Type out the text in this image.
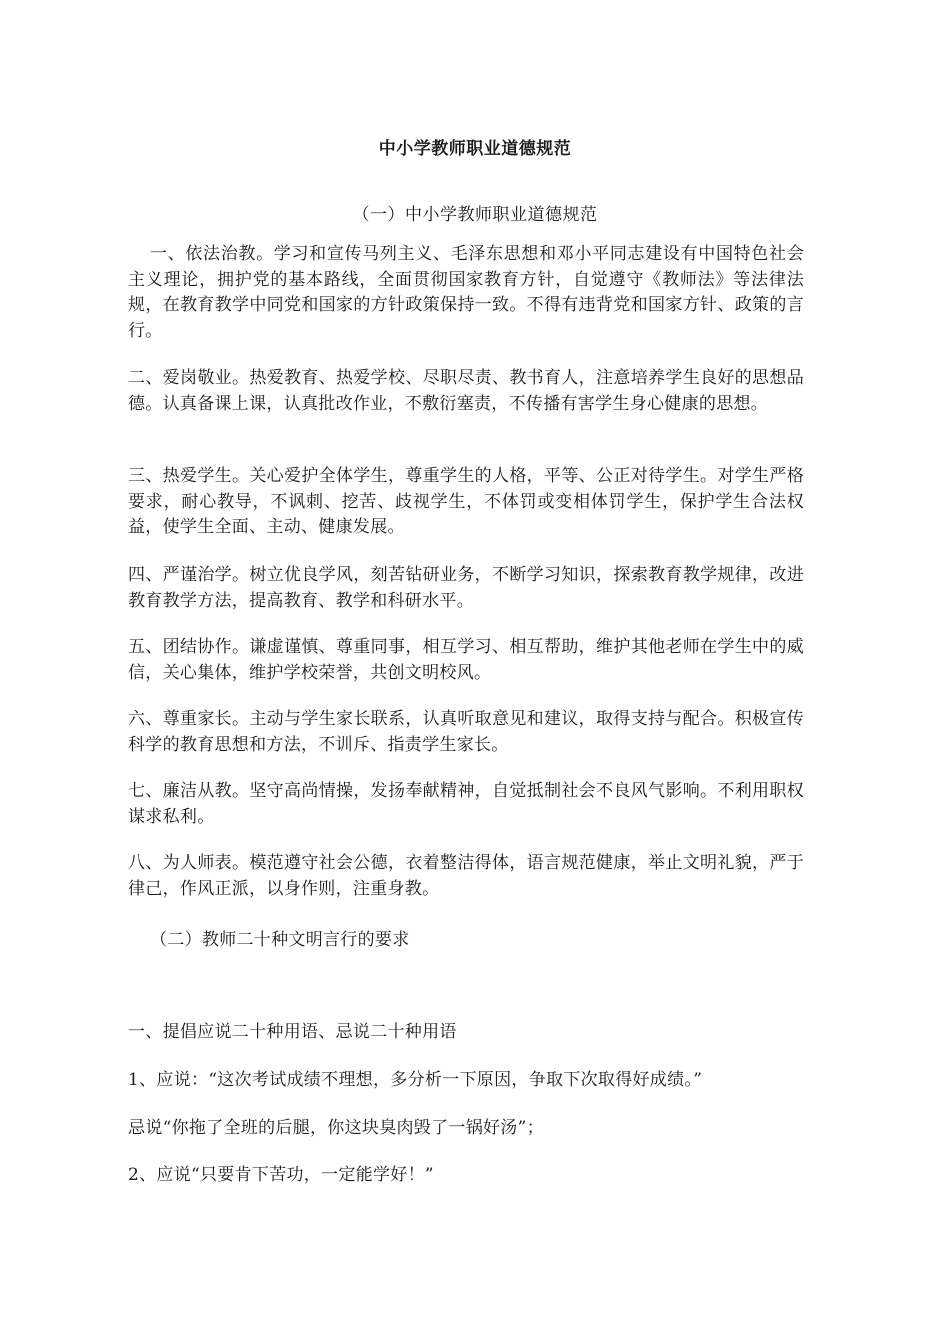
中小学教师职业道德规范
（一）中小学教师职业道德规范

一、依法治教。学习和宣传马列主义、毛泽东思想和邓小平同志建设有中国特色社会主义理论，拥护党的基本路线，全面贯彻国家教育方针，自觉遵守《教师法》等法律法规，在教育教学中同党和国家的方针政策保持一致。不得有违背党和国家方针、政策的言行。

二、爱岗敬业。热爱教育、热爱学校、尽职尽责、教书育人，注意培养学生良好的思想品德。认真备课上课，认真批改作业，不敷衍塞责，不传播有害学生身心健康的思想。

三、热爱学生。关心爱护全体学生，尊重学生的人格，平等、公正对待学生。对学生严格要求，耐心教导，不讽刺、挖苦、歧视学生，不体罚或变相体罚学生，保护学生合法权益，使学生全面、主动、健康发展。

四、严谨治学。树立优良学风，刻苦钻研业务，不断学习知识，探索教育教学规律，改进教育教学方法，提高教育、教学和科研水平。

五、团结协作。谦虚谨慎、尊重同事，相互学习、相互帮助，维护其他老师在学生中的威信，关心集体，维护学校荣誉，共创文明校风。

六、尊重家长。主动与学生家长联系，认真听取意见和建议，取得支持与配合。积极宣传科学的教育思想和方法，不训斥、指责学生家长。

七、廉洁从教。坚守高尚情操，发扬奉献精神，自觉抵制社会不良风气影响。不利用职权谋求私利。

八、为人师表。模范遵守社会公德，衣着整洁得体，语言规范健康，举止文明礼貌，严于律己，作风正派，以身作则，注重身教。

（二）教师二十种文明言行的要求
一、提倡应说二十种用语、忌说二十种用语
1、应说：“这次考试成绩不理想，多分析一下原因，争取下次取得好成绩。”
忌说“你拖了全班的后腿，你这块臭肉毁了一锅好汤”；
2、应说“只要肯下苦功，一定能学好！”
